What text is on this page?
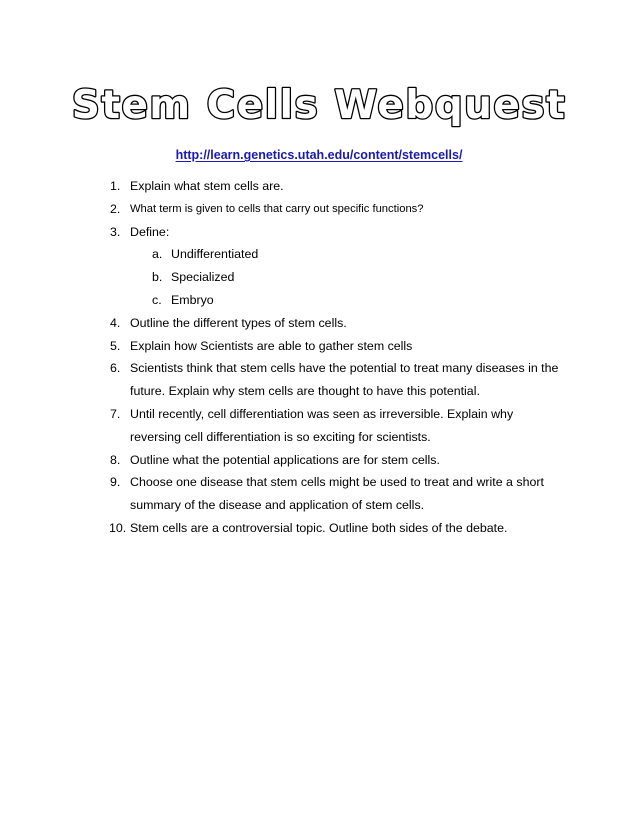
Stem Cells Webquest
http://learn.genetics.utah.edu/content/stemcells/
1. Explain what stem cells are.
2. What term is given to cells that carry out specific functions?
3. Define:
a. Undifferentiated
b. Specialized
c. Embryo
4. Outline the different types of stem cells.
5. Explain how Scientists are able to gather stem cells
6. Scientists think that stem cells have the potential to treat many diseases in the future. Explain why stem cells are thought to have this potential.
7. Until recently, cell differentiation was seen as irreversible. Explain why reversing cell differentiation is so exciting for scientists.
8. Outline what the potential applications are for stem cells.
9. Choose one disease that stem cells might be used to treat and write a short summary of the disease and application of stem cells.
10. Stem cells are a controversial topic. Outline both sides of the debate.
